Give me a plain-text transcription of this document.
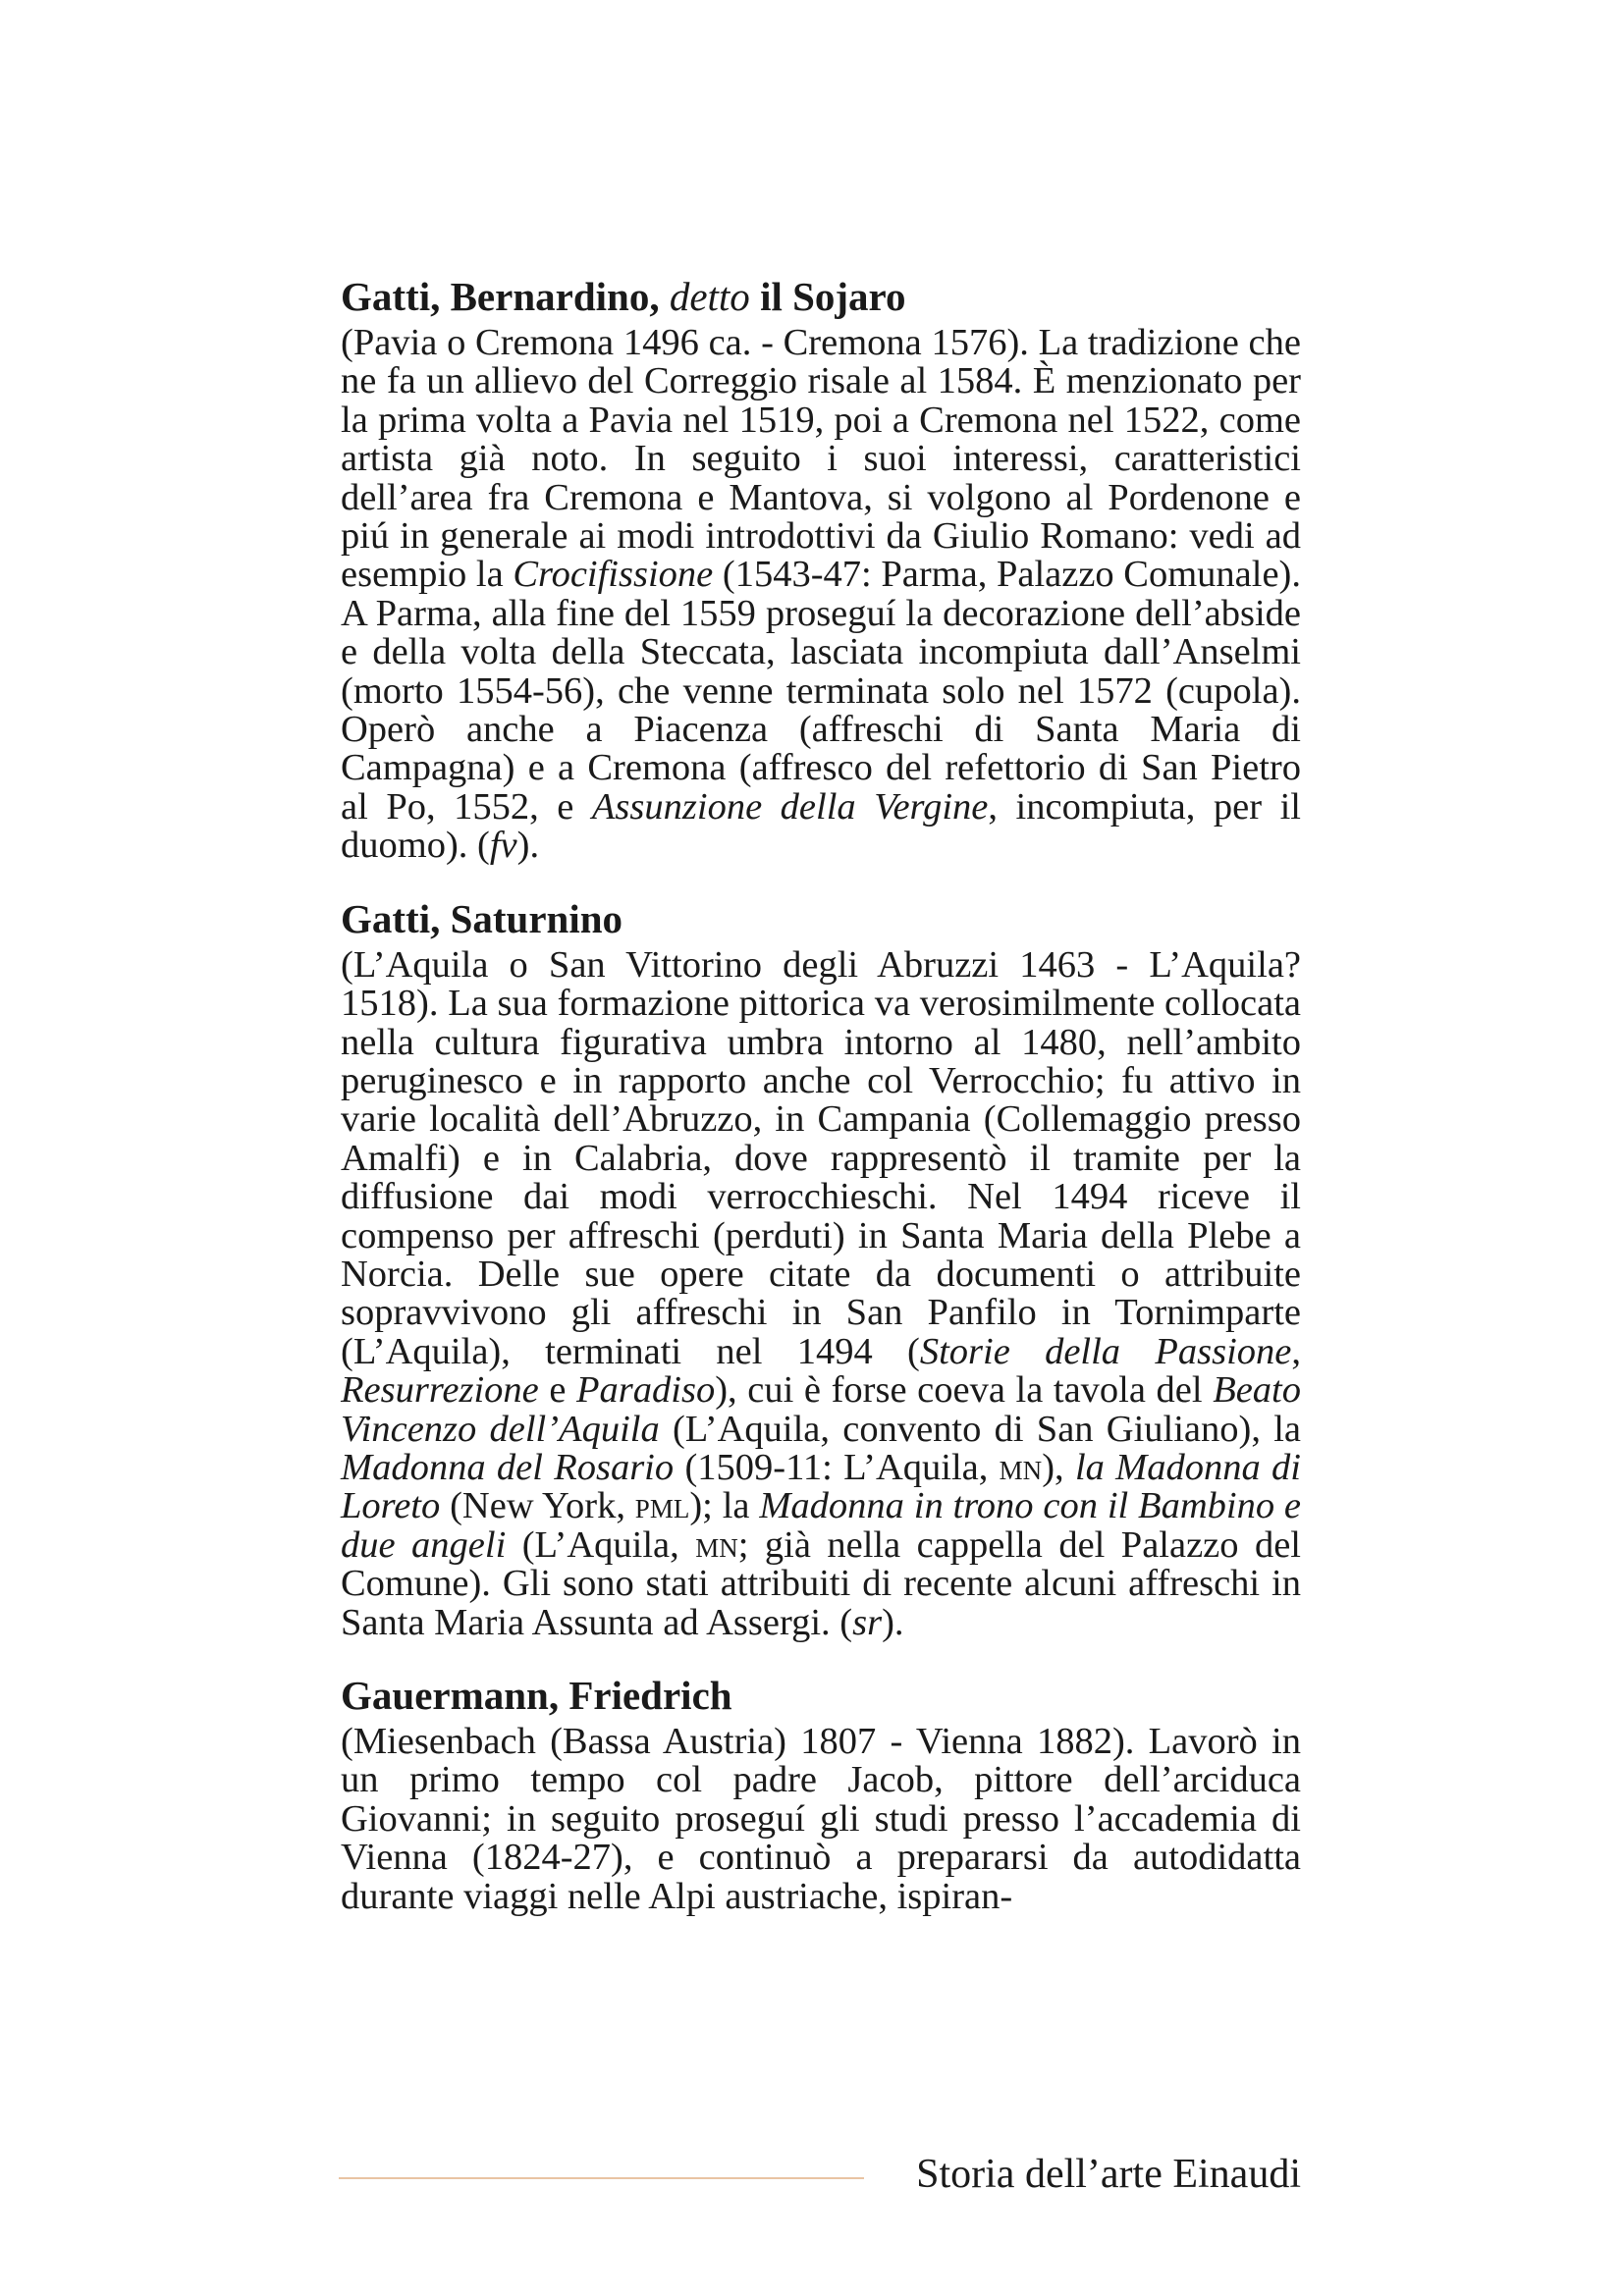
Gatti, Bernardino, detto il Sojaro

(Pavia o Cremona 1496 ca. - Cremona 1576). La tradizione che ne fa un allievo del Correggio risale al 1584. È menzionato per la prima volta a Pavia nel 1519, poi a Cremona nel 1522, come artista già noto. In seguito i suoi interessi, caratteristici dell’area fra Cremona e Mantova, si volgono al Pordenone e piú in generale ai modi introdottivi da Giulio Romano: vedi ad esempio la Crocifissione (1543-47: Parma, Palazzo Comunale). A Parma, alla fine del 1559 proseguí la decorazione dell’abside e della volta della Steccata, lasciata incompiuta dall’Anselmi (morto 1554-56), che venne terminata solo nel 1572 (cupola). Operò anche a Piacenza (affreschi di Santa Maria di Campagna) e a Cremona (affresco del refettorio di San Pietro al Po, 1552, e Assunzione della Vergine, incompiuta, per il duomo). (fv).

Gatti, Saturnino

(L’Aquila o San Vittorino degli Abruzzi 1463 - L’Aquila? 1518). La sua formazione pittorica va verosimilmente collocata nella cultura figurativa umbra intorno al 1480, nell’ambito peruginesco e in rapporto anche col Verrocchio; fu attivo in varie località dell’Abruzzo, in Campania (Collemaggio presso Amalfi) e in Calabria, dove rappresentò il tramite per la diffusione dai modi verrocchieschi. Nel 1494 riceve il compenso per affreschi (perduti) in Santa Maria della Plebe a Norcia. Delle sue opere citate da documenti o attribuite sopravvivono gli affreschi in San Panfilo in Tornimparte (L’Aquila), terminati nel 1494 (Storie della Passione, Resurrezione e Paradiso), cui è forse coeva la tavola del Beato Vincenzo dell’Aquila (L’Aquila, convento di San Giuliano), la Madonna del Rosario (1509-11: L’Aquila, mn), la Madonna di Loreto (New York, pml); la Madonna in trono con il Bambino e due angeli (L’Aquila, mn; già nella cappella del Palazzo del Comune). Gli sono stati attribuiti di recente alcuni affreschi in Santa Maria Assunta ad Assergi. (sr).

Gauermann, Friedrich

(Miesenbach (Bassa Austria) 1807 - Vienna 1882). Lavorò in un primo tempo col padre Jacob, pittore dell’arciduca Giovanni; in seguito proseguí gli studi presso l’accademia di Vienna (1824-27), e continuò a prepararsi da autodidatta durante viaggi nelle Alpi austriache, ispiran-

Storia dell’arte Einaudi
